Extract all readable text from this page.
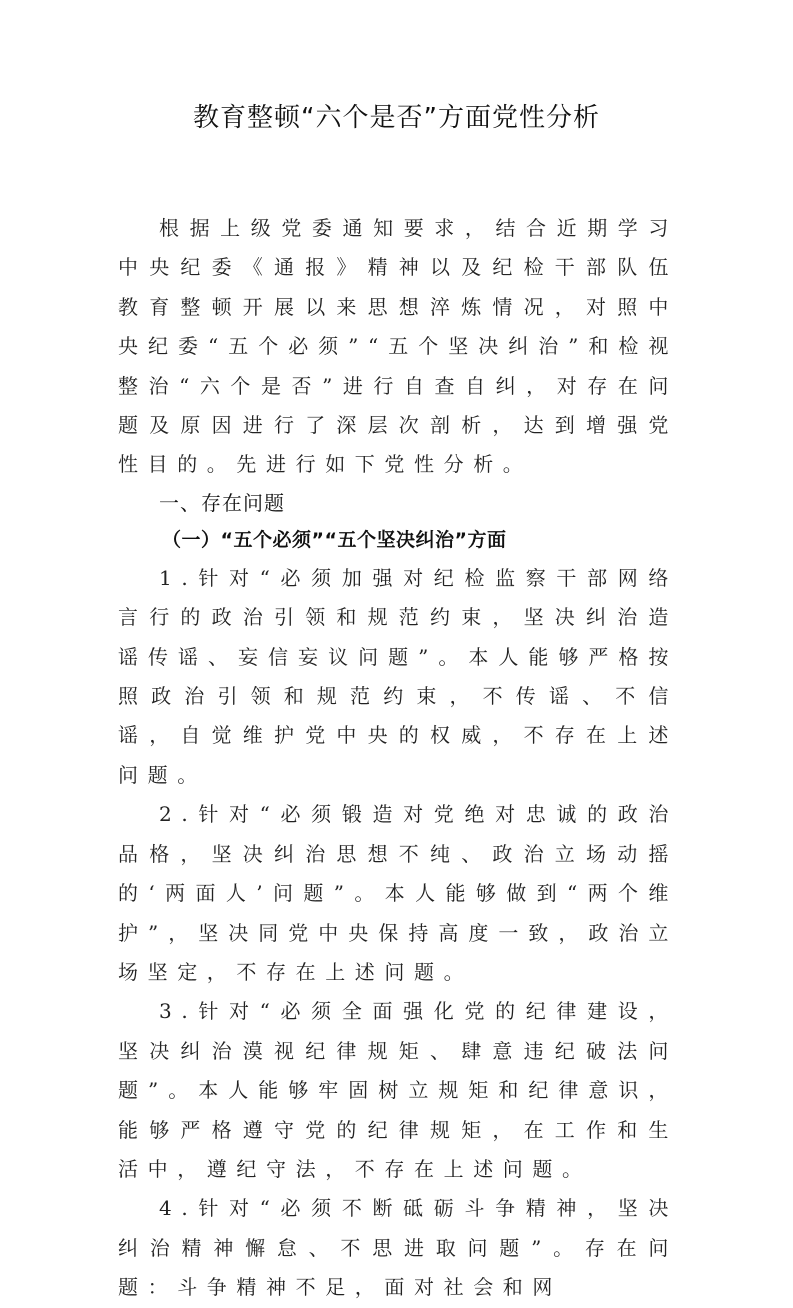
教育整顿“六个是否”方面党性分析

根据上级党委通知要求，结合近期学习中央纪委《通报》精神以及纪检干部队伍教育整顿开展以来思想淬炼情况，对照中央纪委“五个必须”“五个坚决纠治”和检视整治“六个是否”进行自查自纠，对存在问题及原因进行了深层次剖析，达到增强党性目的。先进行如下党性分析。

一、存在问题

（一）“五个必须”“五个坚决纠治”方面

1.针对“必须加强对纪检监察干部网络言行的政治引领和规范约束，坚决纠治造谣传谣、妄信妄议问题”。本人能够严格按照政治引领和规范约束，不传谣、不信谣，自觉维护党中央的权威，不存在上述问题。

2.针对“必须锻造对党绝对忠诚的政治品格，坚决纠治思想不纯、政治立场动摇的‘两面人’问题”。本人能够做到“两个维护”，坚决同党中央保持高度一致，政治立场坚定，不存在上述问题。

3.针对“必须全面强化党的纪律建设，坚决纠治漠视纪律规矩、肆意违纪破法问题”。本人能够牢固树立规矩和纪律意识，能够严格遵守党的纪律规矩，在工作和生活中，遵纪守法，不存在上述问题。

4.针对“必须不断砥砺斗争精神，坚决纠治精神懈怠、不思进取问题”。存在问题：斗争精神不足，面对社会和网
